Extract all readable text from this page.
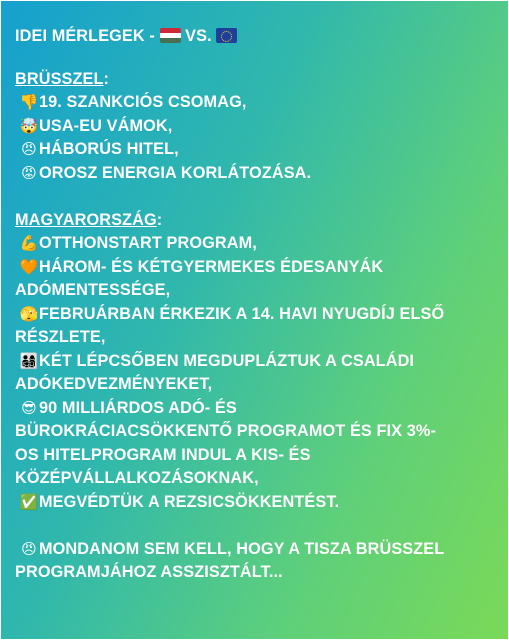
IDEI MÉRLEGEK -  VS.
BRÜSSZEL:
👎19. SZANKCIÓS CSOMAG,
🤯USA-EU VÁMOK,
😠 HÁBORÚS HITEL,
😡 OROSZ ENERGIA KORLÁTOZÁSA.
MAGYARORSZÁG:
💪OTTHONSTART PROGRAM,
🧡HÁROM- ÉS KÉTGYERMEKES ÉDESANYÁK
ADÓMENTESSÉGE,
🫣FEBRUÁRBAN ÉRKEZIK A 14. HAVI NYUGDÍJ ELSŐ
RÉSZLETE,
👨‍👩‍👧‍👦KÉT LÉPCSŐBEN MEGDUPLÁZTUK A CSALÁDI
ADÓKEDVEZMÉNYEKET,
😎 90 MILLIÁRDOS ADÓ- ÉS
BÜROKRÁCIACSÖKKENTŐ PROGRAMOT ÉS FIX 3%-
OS HITELPROGRAM INDUL A KIS- ÉS
KÖZÉPVÁLLALKOZÁSOKNAK,
✅MEGVÉDTÜK A REZSICSÖKKENTÉST.
😠 MONDANOM SEM KELL, HOGY A TISZA BRÜSSZEL
PROGRAMJÁHOZ ASSZISZTÁLT...
